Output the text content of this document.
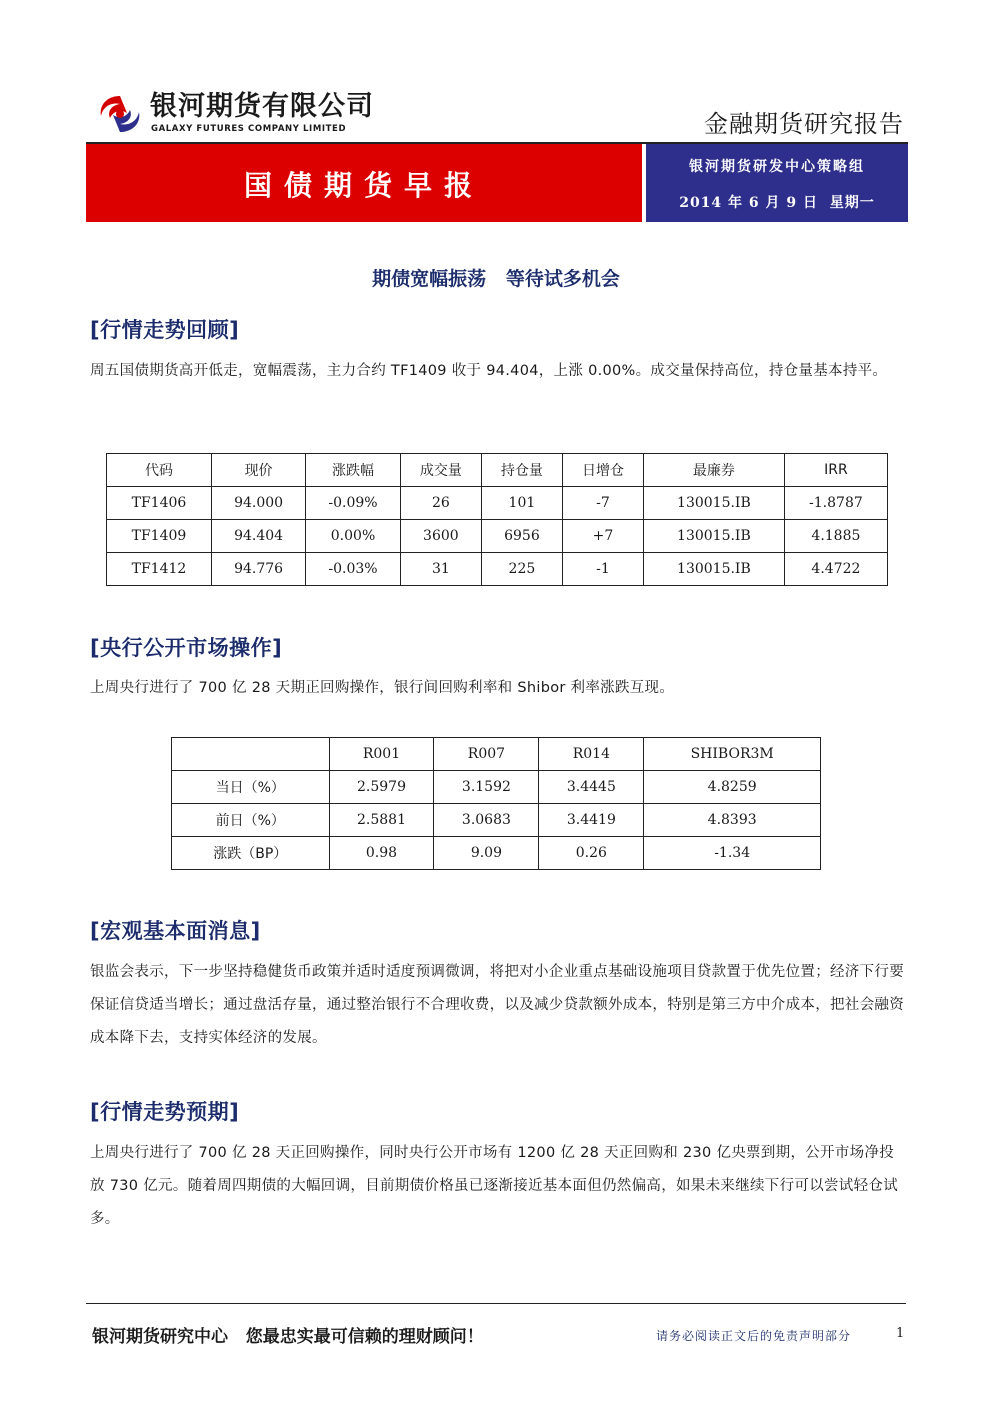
银河期货有限公司
GALAXY FUTURES COMPANY LIMITED	金融期货研究报告
国债期货早报
银河期货研发中心策略组
2014 年 6 月 9 日  星期一
期债宽幅振荡   等待试多机会
[行情走势回顾]
周五国债期货高开低走，宽幅震荡，主力合约 TF1409 收于 94.404，上涨 0.00%。成交量保持高位，持仓量基本持平。
代码	现价	涨跌幅	成交量	持仓量	日增仓	最廉券	IRR
TF1406	94.000	-0.09%	26	101	-7	130015.IB	-1.8787
TF1409	94.404	0.00%	3600	6956	+7	130015.IB	4.1885
TF1412	94.776	-0.03%	31	225	-1	130015.IB	4.4722
[央行公开市场操作]
上周央行进行了 700 亿 28 天期正回购操作，银行间回购利率和 Shibor 利率涨跌互现。
	R001	R007	R014	SHIBOR3M
当日（%）	2.5979	3.1592	3.4445	4.8259
前日（%）	2.5881	3.0683	3.4419	4.8393
涨跌（BP）	0.98	9.09	0.26	-1.34
[宏观基本面消息]
银监会表示，下一步坚持稳健货币政策并适时适度预调微调，将把对小企业重点基础设施项目贷款置于优先位置；经济下行要保证信贷适当增长；通过盘活存量，通过整治银行不合理收费，以及减少贷款额外成本，特别是第三方中介成本，把社会融资成本降下去，支持实体经济的发展。
[行情走势预期]
上周央行进行了 700 亿 28 天正回购操作，同时央行公开市场有 1200 亿 28 天正回购和 230 亿央票到期，公开市场净投放 730 亿元。随着周四期债的大幅回调，目前期债价格虽已逐渐接近基本面但仍然偏高，如果未来继续下行可以尝试轻仓试多。
银河期货研究中心   您最忠实最可信赖的理财顾问！	请务必阅读正文后的免责声明部分	1
